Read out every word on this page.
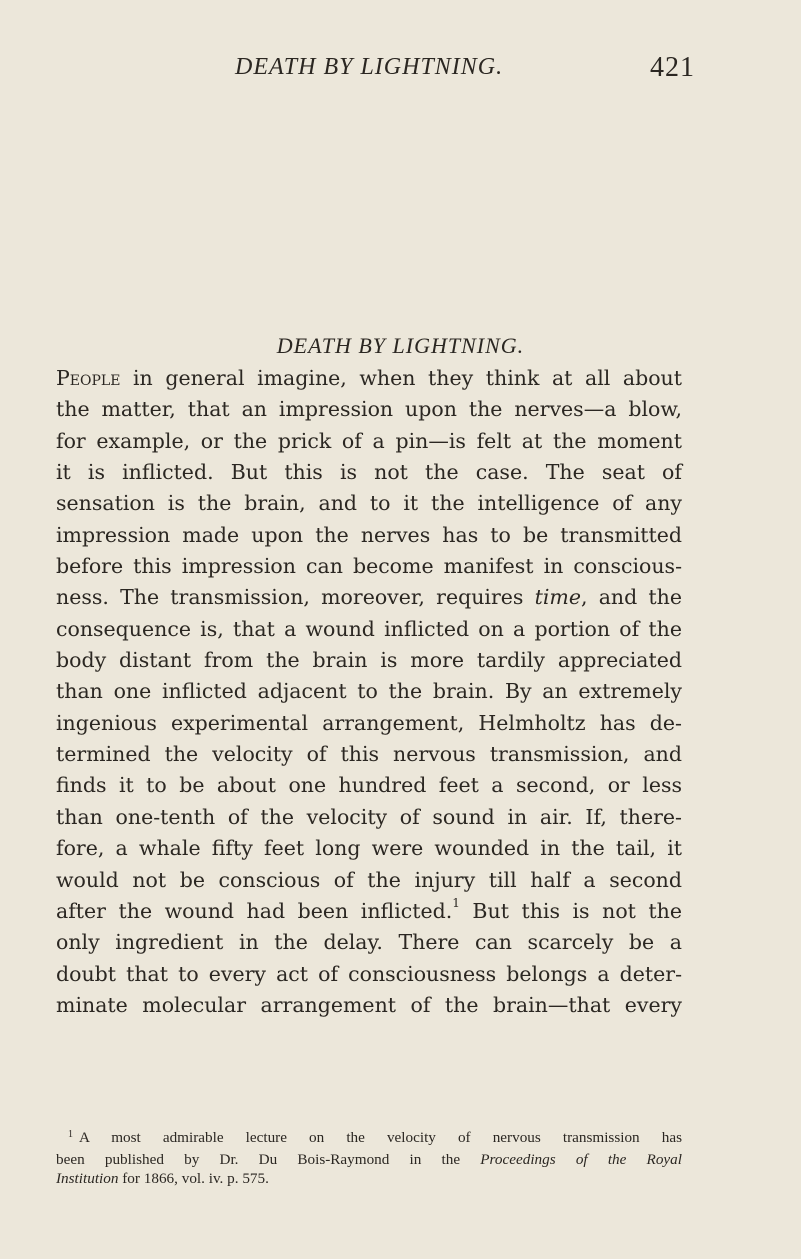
DEATH BY LIGHTNING.	421
DEATH BY LIGHTNING.
People in general imagine, when they think at all about
the matter, that an impression upon the nerves—a blow,
for example, or the prick of a pin—is felt at the moment
it is inflicted. But this is not the case. The seat of
sensation is the brain, and to it the intelligence of any
impression made upon the nerves has to be transmitted
before this impression can become manifest in conscious-
ness. The transmission, moreover, requires time, and the
consequence is, that a wound inflicted on a portion of the
body distant from the brain is more tardily appreciated
than one inflicted adjacent to the brain. By an extremely
ingenious experimental arrangement, Helmholtz has de-
termined the velocity of this nervous transmission, and
finds it to be about one hundred feet a second, or less
than one-tenth of the velocity of sound in air. If, there-
fore, a whale fifty feet long were wounded in the tail, it
would not be conscious of the injury till half a second
after the wound had been inflicted.$^1$ But this is not the
only ingredient in the delay. There can scarcely be a
doubt that to every act of consciousness belongs a deter-
minate molecular arrangement of the brain—that every
$^1$ A most admirable lecture on the velocity of nervous transmission has
been published by Dr. Du Bois-Raymond in the Proceedings of the Royal
Institution for 1866, vol. iv. p. 575.
